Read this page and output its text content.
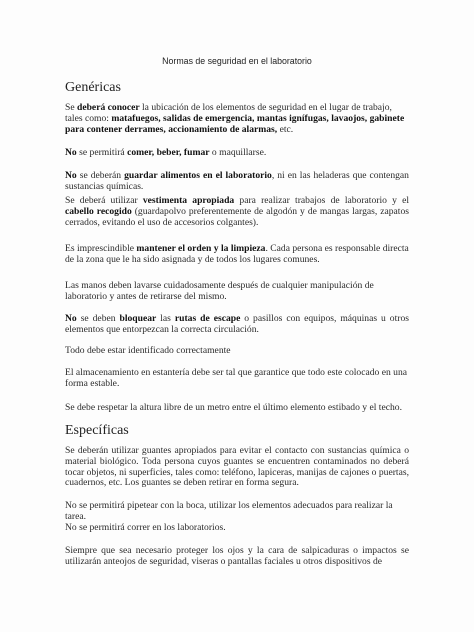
Normas de seguridad en el laboratorio
Genéricas

Se deberá conocer la ubicación de los elementos de seguridad en el lugar de trabajo, tales como: matafuegos, salidas de emergencia, mantas ignífugas, lavaojos, gabinete para contener derrames, accionamiento de alarmas, etc.

No se permitirá comer, beber, fumar o maquillarse.

No se deberán guardar alimentos en el laboratorio, ni en las heladeras que contengan sustancias químicas.

Se deberá utilizar vestimenta apropiada para realizar trabajos de laboratorio y el cabello recogido (guardapolvo preferentemente de algodón y de mangas largas, zapatos cerrados, evitando el uso de accesorios colgantes).

Es imprescindible mantener el orden y la limpieza. Cada persona es responsable directa de la zona que le ha sido asignada y de todos los lugares comunes.

Las manos deben lavarse cuidadosamente después de cualquier manipulación de laboratorio y antes de retirarse del mismo.

No se deben bloquear las rutas de escape o pasillos con equipos, máquinas u otros elementos que entorpezcan la correcta circulación.

Todo debe estar identificado correctamente

El almacenamiento en estantería debe ser tal que garantice que todo este colocado en una forma estable.

Se debe respetar la altura libre de un metro entre el último elemento estibado y el techo.

Específicas

Se deberán utilizar guantes apropiados para evitar el contacto con sustancias química o material biológico. Toda persona cuyos guantes se encuentren contaminados no deberá tocar objetos, ni superficies, tales como: teléfono, lapiceras, manijas de cajones o puertas, cuadernos, etc. Los guantes se deben retirar en forma segura.

No se permitirá pipetear con la boca, utilizar los elementos adecuados para realizar la tarea.

No se permitirá correr en los laboratorios.

Siempre que sea necesario proteger los ojos y la cara de salpicaduras o impactos se utilizarán anteojos de seguridad, viseras o pantallas faciales u otros dispositivos de
